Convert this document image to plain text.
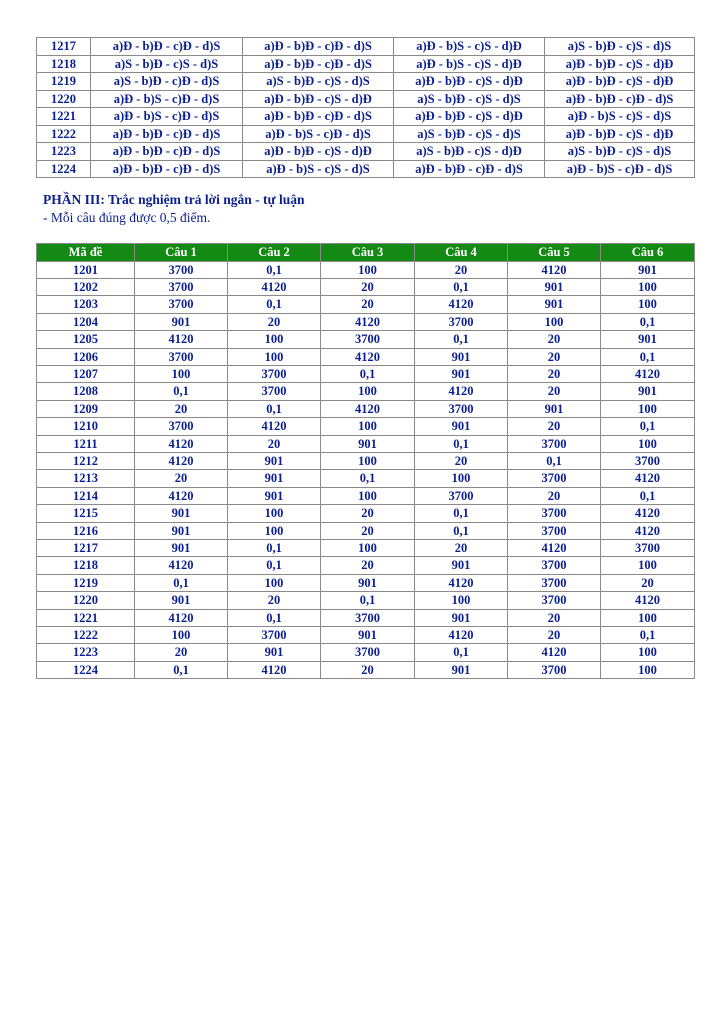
1217	a)Đ - b)Đ - c)Đ - d)S	a)Đ - b)Đ - c)Đ - d)S	a)Đ - b)S - c)S - d)Đ	a)S - b)Đ - c)S - d)S
1218	a)S - b)Đ - c)S - d)S	a)Đ - b)Đ - c)Đ - d)S	a)Đ - b)S - c)S - d)Đ	a)Đ - b)Đ - c)S - d)Đ
1219	a)S - b)Đ - c)Đ - d)S	a)S - b)Đ - c)S - d)S	a)Đ - b)Đ - c)S - d)Đ	a)Đ - b)Đ - c)S - d)Đ
1220	a)Đ - b)S - c)Đ - d)S	a)Đ - b)Đ - c)S - d)Đ	a)S - b)Đ - c)S - d)S	a)Đ - b)Đ - c)Đ - d)S
1221	a)Đ - b)S - c)Đ - d)S	a)Đ - b)Đ - c)Đ - d)S	a)Đ - b)Đ - c)S - d)Đ	a)Đ - b)S - c)S - d)S
1222	a)Đ - b)Đ - c)Đ - d)S	a)Đ - b)S - c)Đ - d)S	a)S - b)Đ - c)S - d)S	a)Đ - b)Đ - c)S - d)Đ
1223	a)Đ - b)Đ - c)Đ - d)S	a)Đ - b)Đ - c)S - d)Đ	a)S - b)Đ - c)S - d)Đ	a)S - b)Đ - c)S - d)S
1224	a)Đ - b)Đ - c)Đ - d)S	a)Đ - b)S - c)S - d)S	a)Đ - b)Đ - c)Đ - d)S	a)Đ - b)S - c)Đ - d)S

PHẦN III: Trắc nghiệm trả lời ngắn - tự luận

- Mỗi câu đúng được 0,5 điểm.

Mã đề	Câu 1	Câu 2	Câu 3	Câu 4	Câu 5	Câu 6
1201	3700	0,1	100	20	4120	901
1202	3700	4120	20	0,1	901	100
1203	3700	0,1	20	4120	901	100
1204	901	20	4120	3700	100	0,1
1205	4120	100	3700	0,1	20	901
1206	3700	100	4120	901	20	0,1
1207	100	3700	0,1	901	20	4120
1208	0,1	3700	100	4120	20	901
1209	20	0,1	4120	3700	901	100
1210	3700	4120	100	901	20	0,1
1211	4120	20	901	0,1	3700	100
1212	4120	901	100	20	0,1	3700
1213	20	901	0,1	100	3700	4120
1214	4120	901	100	3700	20	0,1
1215	901	100	20	0,1	3700	4120
1216	901	100	20	0,1	3700	4120
1217	901	0,1	100	20	4120	3700
1218	4120	0,1	20	901	3700	100
1219	0,1	100	901	4120	3700	20
1220	901	20	0,1	100	3700	4120
1221	4120	0,1	3700	901	20	100
1222	100	3700	901	4120	20	0,1
1223	20	901	3700	0,1	4120	100
1224	0,1	4120	20	901	3700	100
